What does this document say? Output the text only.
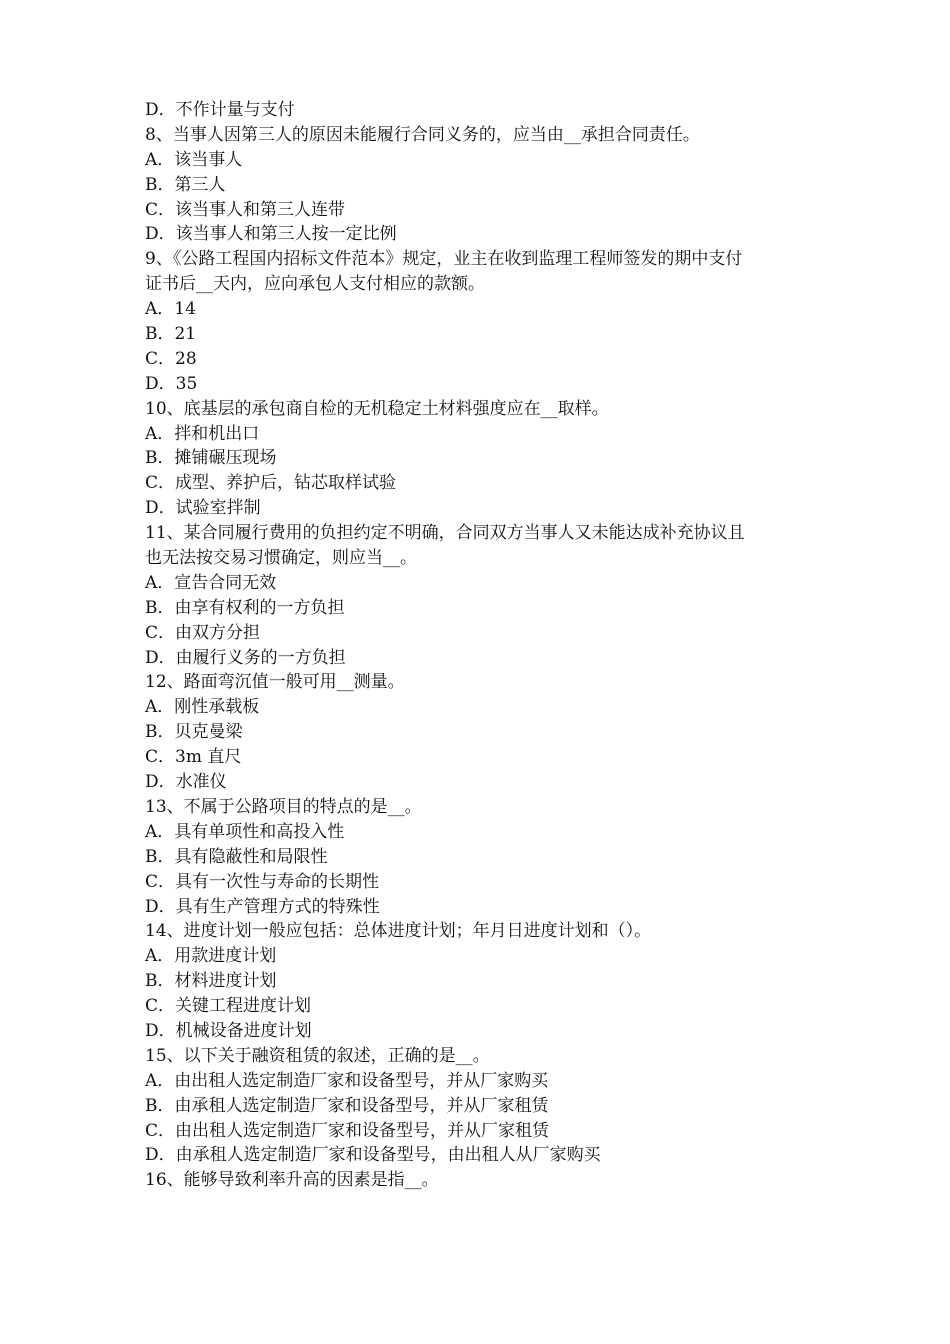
D．不作计量与支付
8、当事人因第三人的原因未能履行合同义务的，应当由__承担合同责任。
A．该当事人
B．第三人
C．该当事人和第三人连带
D．该当事人和第三人按一定比例
9、《公路工程国内招标文件范本》规定，业主在收到监理工程师签发的期中支付
证书后__天内，应向承包人支付相应的款额。
A．14
B．21
C．28
D．35
10、底基层的承包商自检的无机稳定土材料强度应在__取样。
A．拌和机出口
B．摊铺碾压现场
C．成型、养护后，钻芯取样试验
D．试验室拌制
11、某合同履行费用的负担约定不明确，合同双方当事人又未能达成补充协议且
也无法按交易习惯确定，则应当__。
A．宣告合同无效
B．由享有权利的一方负担
C．由双方分担
D．由履行义务的一方负担
12、路面弯沉值一般可用__测量。
A．刚性承载板
B．贝克曼梁
C．3m 直尺
D．水准仪
13、不属于公路项目的特点的是__。
A．具有单项性和高投入性
B．具有隐蔽性和局限性
C．具有一次性与寿命的长期性
D．具有生产管理方式的特殊性
14、进度计划一般应包括：总体进度计划；年月日进度计划和（）。
A．用款进度计划
B．材料进度计划
C．关键工程进度计划
D．机械设备进度计划
15、以下关于融资租赁的叙述，正确的是__。
A．由出租人选定制造厂家和设备型号，并从厂家购买
B．由承租人选定制造厂家和设备型号，并从厂家租赁
C．由出租人选定制造厂家和设备型号，并从厂家租赁
D．由承租人选定制造厂家和设备型号，由出租人从厂家购买
16、能够导致利率升高的因素是指__。
